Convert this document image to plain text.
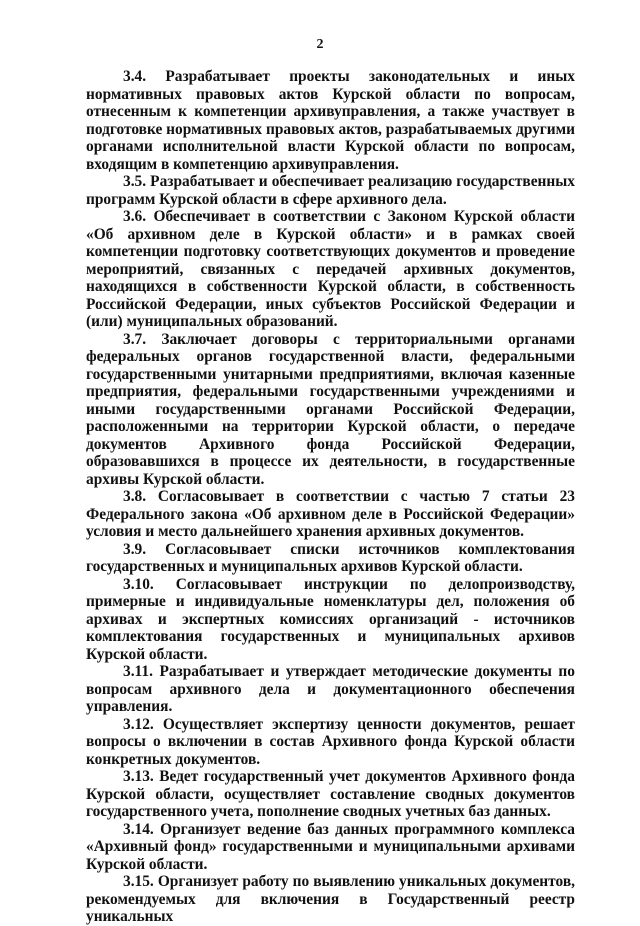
2

3.4. Разрабатывает проекты законодательных и иных нормативных правовых актов Курской области по вопросам, отнесенным к компетенции архивуправления, а также участвует в подготовке нормативных правовых актов, разрабатываемых другими органами исполнительной власти Курской области по вопросам, входящим в компетенцию архивуправления.

3.5. Разрабатывает и обеспечивает реализацию государственных программ Курской области в сфере архивного дела.

3.6. Обеспечивает в соответствии с Законом Курской области «Об архивном деле в Курской области» и в рамках своей компетенции подготовку соответствующих документов и проведение мероприятий, связанных с передачей архивных документов, находящихся в собственности Курской области, в собственность Российской Федерации, иных субъектов Российской Федерации и (или) муниципальных образований.

3.7. Заключает договоры с территориальными органами федеральных органов государственной власти, федеральными государственными унитарными предприятиями, включая казенные предприятия, федеральными государственными учреждениями и иными государственными органами Российской Федерации, расположенными на территории Курской области, о передаче документов Архивного фонда Российской Федерации, образовавшихся в процессе их деятельности, в государственные архивы Курской области.

3.8. Согласовывает в соответствии с частью 7 статьи 23 Федерального закона «Об архивном деле в Российской Федерации» условия и место дальнейшего хранения архивных документов.

3.9. Согласовывает списки источников комплектования государственных и муниципальных архивов Курской области.

3.10. Согласовывает инструкции по делопроизводству, примерные и индивидуальные номенклатуры дел, положения об архивах и экспертных комиссиях организаций - источников комплектования государственных и муниципальных архивов Курской области.

3.11. Разрабатывает и утверждает методические документы по вопросам архивного дела и документационного обеспечения управления.

3.12. Осуществляет экспертизу ценности документов, решает вопросы о включении в состав Архивного фонда Курской области конкретных документов.

3.13. Ведет государственный учет документов Архивного фонда Курской области, осуществляет составление сводных документов государственного учета, пополнение сводных учетных баз данных.

3.14. Организует ведение баз данных программного комплекса «Архивный фонд» государственными и муниципальными архивами Курской области.

3.15. Организует работу по выявлению уникальных документов, рекомендуемых для включения в Государственный реестр уникальных
